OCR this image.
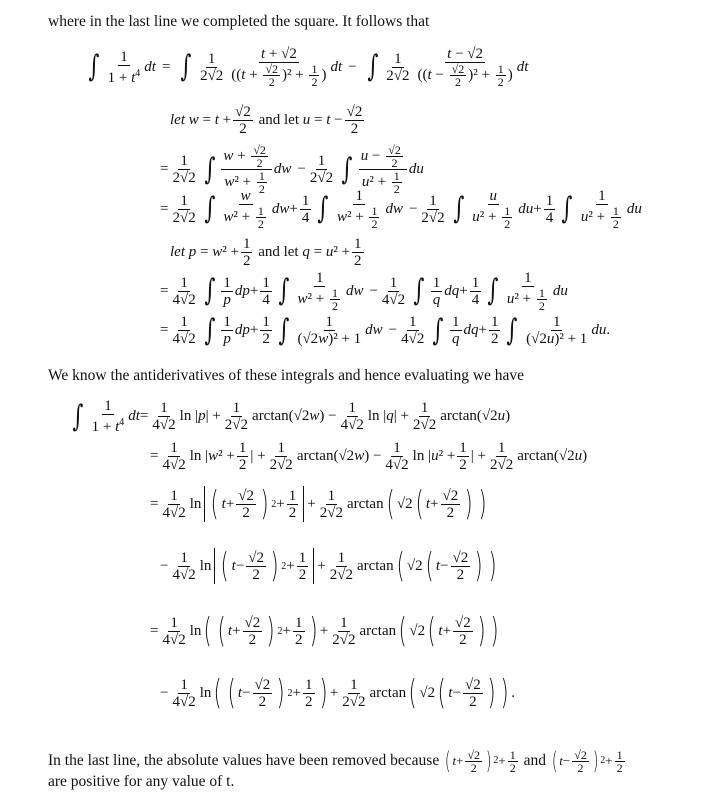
where in the last line we completed the square. It follows that
∫ 1
$1 + t^4$ dt = ∫ 1
2√2
t + √2
($(t + \frac{√2}{2} )^2 + \frac{1}{2}$ )
dt − ∫ 1
2√2
t − √2
($(t - \frac{√2}{2} )^2 + \frac{1}{2}$ )
dt
let
w = t + √2
2
and let u = t − √2
2
= 1
2√2 ∫ $w + \frac{√2}{2}$
$w^2 + \frac{1}{2}$
dw − 1
2√2 ∫ $u - \frac{√2}{2}$
$u^2 + \frac{1}{2}$
du
= 1
2√2 ∫ w
$w^2 + \frac{1}{2}$ dw + 1
4 ∫ 1
$w^2 + \frac{1}{2}$ dw − 1
2√2 ∫ u
$u^2 + \frac{1}{2}$ du + 1
4 ∫ 1
$u^2 + \frac{1}{2}$ du
let
p = w ² + 1
2
and let q = u ² + 1
2
= 1
4√2 ∫ 1
p
dp + 1
4 ∫ 1
$w^2 + \frac{1}{2}$ dw − 1
4√2 ∫ 1
q
dq + 1
4 ∫ 1
$u^2 + \frac{1}{2}$ du
= 1
4√2 ∫ 1
p
dp + 1
2 ∫ 1
(√2w)² + 1
dw − 1
4√2 ∫ 1
q
dq + 1
2 ∫ 1
(√2u)² + 1
du .
We know the antiderivatives of these integrals and hence evaluating we have
∫ 1
$1 + t^4$ dt = 1
4√2
ln | p | + 1
2√2
arctan(√2 w ) − 1
4√2
ln | q | + 1
2√2
arctan(√2 u )
= 1
4√2
ln | w ² + 1
2
| + 1
2√2
arctan(√2 w ) − 1
4√2
ln | u ² + 1
2
| + 1
2√2
arctan(√2 u )
= 1
4√2
ln ( t + √2
2 ) 2 + 1
2
+ 1
2√2
arctan ( √2 ( t + √2
2 ) )
− 1
4√2
ln ( t − √2
2 ) 2 + 1
2
+ 1
2√2
arctan ( √2 ( t − √2
2 ) )
= 1
4√2
ln ( ( t + √2
2 ) 2 + 1
2 ) + 1
2√2
arctan ( √2 ( t + √2
2 ) )
− 1
4√2
ln ( ( t − √2
2 ) 2 + 1
2 ) + 1
2√2
arctan ( √2 ( t − √2
2 ) ) .
In the last line, the absolute values have been removed because
( t + √2
2 ) 2 + 1
2
and
( t − √2
2 ) 2 + 1
2
are positive for any value of t.
